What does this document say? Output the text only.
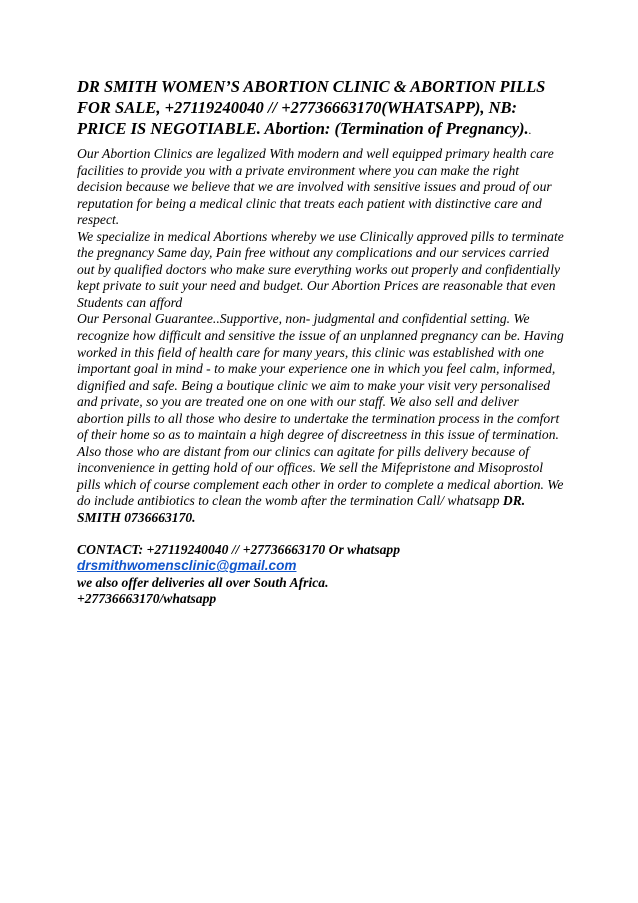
DR SMITH WOMEN’S ABORTION CLINIC & ABORTION PILLS FOR SALE, +27119240040 // +27736663170(WHATSAPP), NB: PRICE IS NEGOTIABLE. Abortion: (Termination of Pregnancy)..

Our Abortion Clinics are legalized With modern and well equipped primary health care facilities to provide you with a private environment where you can make the right decision because we believe that we are involved with sensitive issues and proud of our reputation for being a medical clinic that treats each patient with distinctive care and respect.

We specialize in medical Abortions whereby we use Clinically approved pills to terminate the pregnancy Same day, Pain free without any complications and our services carried out by qualified doctors who make sure everything works out properly and confidentially kept private to suit your need and budget. Our Abortion Prices are reasonable that even Students can afford

Our Personal Guarantee..Supportive, non- judgmental and confidential setting. We recognize how difficult and sensitive the issue of an unplanned pregnancy can be. Having worked in this field of health care for many years, this clinic was established with one important goal in mind - to make your experience one in which you feel calm, informed, dignified and safe. Being a boutique clinic we aim to make your visit very personalised and private, so you are treated one on one with our staff. We also sell and deliver abortion pills to all those who desire to undertake the termination process in the comfort of their home so as to maintain a high degree of discreetness in this issue of termination. Also those who are distant from our clinics can agitate for pills delivery because of inconvenience in getting hold of our offices. We sell the Mifepristone and Misoprostol pills which of course complement each other in order to complete a medical abortion. We do include antibiotics to clean the womb after the termination Call/ whatsapp DR. SMITH 0736663170.

CONTACT: +27119240040 // +27736663170 Or whatsapp
drsmithwomensclinic@gmail.com
we also offer deliveries all over South Africa.
+27736663170/whatsapp
